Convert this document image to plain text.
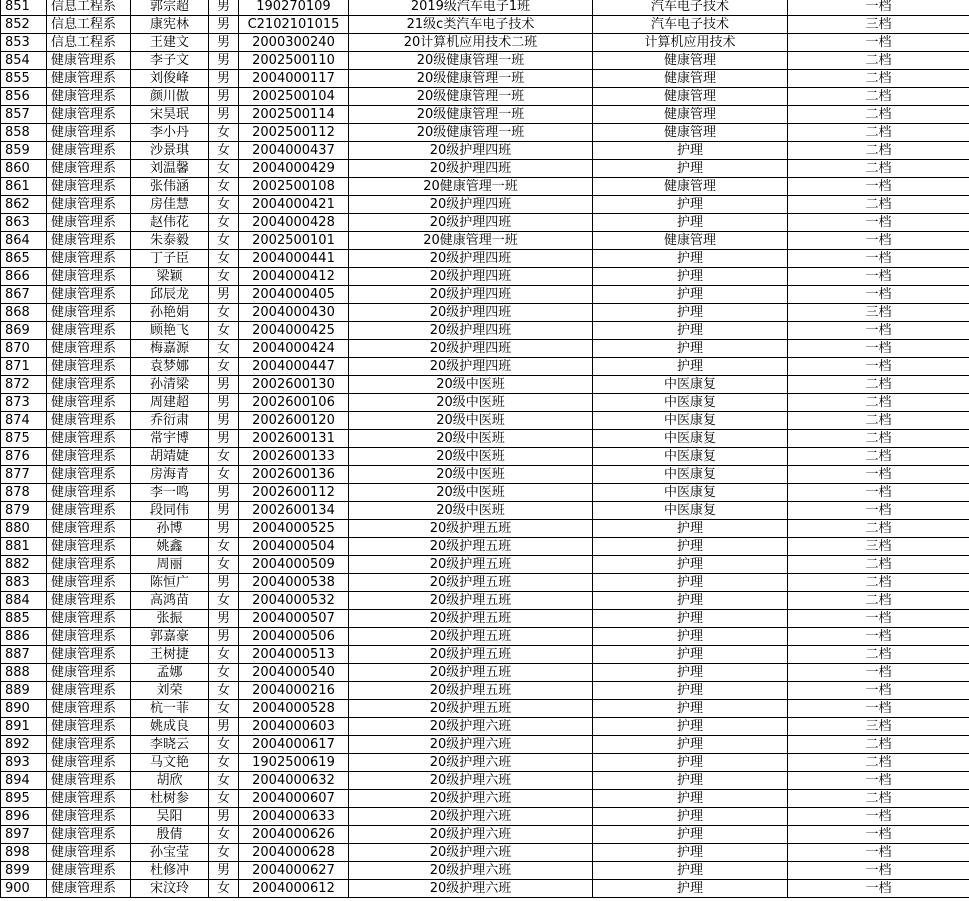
851	信息工程系	郭宗超	男	190270109	2019级汽车电子1班	汽车电子技术	一档
852	信息工程系	康宪林	男	C2102101015	21级c类汽车电子技术	汽车电子技术	三档
853	信息工程系	王建文	男	2000300240	20计算机应用技术二班	计算机应用技术	一档
854	健康管理系	李子文	男	2002500110	20级健康管理一班	健康管理	二档
855	健康管理系	刘俊峰	男	2004000117	20级健康管理一班	健康管理	二档
856	健康管理系	颜川傲	男	2002500104	20级健康管理一班	健康管理	二档
857	健康管理系	宋昊珉	男	2002500114	20级健康管理一班	健康管理	二档
858	健康管理系	李小丹	女	2002500112	20级健康管理一班	健康管理	二档
859	健康管理系	沙景琪	女	2004000437	20级护理四班	护理	二档
860	健康管理系	刘温馨	女	2004000429	20级护理四班	护理	二档
861	健康管理系	张伟涵	女	2002500108	20健康管理一班	健康管理	一档
862	健康管理系	房佳慧	女	2004000421	20级护理四班	护理	二档
863	健康管理系	赵伟花	女	2004000428	20级护理四班	护理	一档
864	健康管理系	朱泰毅	女	2002500101	20健康管理一班	健康管理	一档
865	健康管理系	丁子臣	女	2004000441	20级护理四班	护理	一档
866	健康管理系	梁颖	女	2004000412	20级护理四班	护理	一档
867	健康管理系	邱辰龙	男	2004000405	20级护理四班	护理	一档
868	健康管理系	孙艳娟	女	2004000430	20级护理四班	护理	三档
869	健康管理系	顾艳飞	女	2004000425	20级护理四班	护理	一档
870	健康管理系	梅嘉源	女	2004000424	20级护理四班	护理	一档
871	健康管理系	袁梦娜	女	2004000447	20级护理四班	护理	一档
872	健康管理系	孙清梁	男	2002600130	20级中医班	中医康复	二档
873	健康管理系	周建超	男	2002600106	20级中医班	中医康复	二档
874	健康管理系	乔衍肃	男	2002600120	20级中医班	中医康复	二档
875	健康管理系	常宇博	男	2002600131	20级中医班	中医康复	二档
876	健康管理系	胡靖婕	女	2002600133	20级中医班	中医康复	二档
877	健康管理系	房海青	女	2002600136	20级中医班	中医康复	一档
878	健康管理系	李一鸣	男	2002600112	20级中医班	中医康复	一档
879	健康管理系	段同伟	男	2002600134	20级中医班	中医康复	一档
880	健康管理系	孙博	男	2004000525	20级护理五班	护理	二档
881	健康管理系	姚鑫	女	2004000504	20级护理五班	护理	三档
882	健康管理系	周丽	女	2004000509	20级护理五班	护理	二档
883	健康管理系	陈恒广	男	2004000538	20级护理五班	护理	二档
884	健康管理系	高鸿苗	女	2004000532	20级护理五班	护理	二档
885	健康管理系	张振	男	2004000507	20级护理五班	护理	一档
886	健康管理系	郭嘉豪	男	2004000506	20级护理五班	护理	一档
887	健康管理系	王树捷	女	2004000513	20级护理五班	护理	二档
888	健康管理系	孟娜	女	2004000540	20级护理五班	护理	一档
889	健康管理系	刘荣	女	2004000216	20级护理五班	护理	一档
890	健康管理系	杭一菲	女	2004000528	20级护理五班	护理	一档
891	健康管理系	姚成良	男	2004000603	20级护理六班	护理	三档
892	健康管理系	李晓云	女	2004000617	20级护理六班	护理	二档
893	健康管理系	马文艳	女	1902500619	20级护理六班	护理	二档
894	健康管理系	胡欣	女	2004000632	20级护理六班	护理	一档
895	健康管理系	杜树参	女	2004000607	20级护理六班	护理	二档
896	健康管理系	吴阳	男	2004000633	20级护理六班	护理	一档
897	健康管理系	殷倩	女	2004000626	20级护理六班	护理	一档
898	健康管理系	孙宝莹	女	2004000628	20级护理六班	护理	一档
899	健康管理系	杜修冲	男	2004000627	20级护理六班	护理	一档
900	健康管理系	宋汶玲	女	2004000612	20级护理六班	护理	一档
